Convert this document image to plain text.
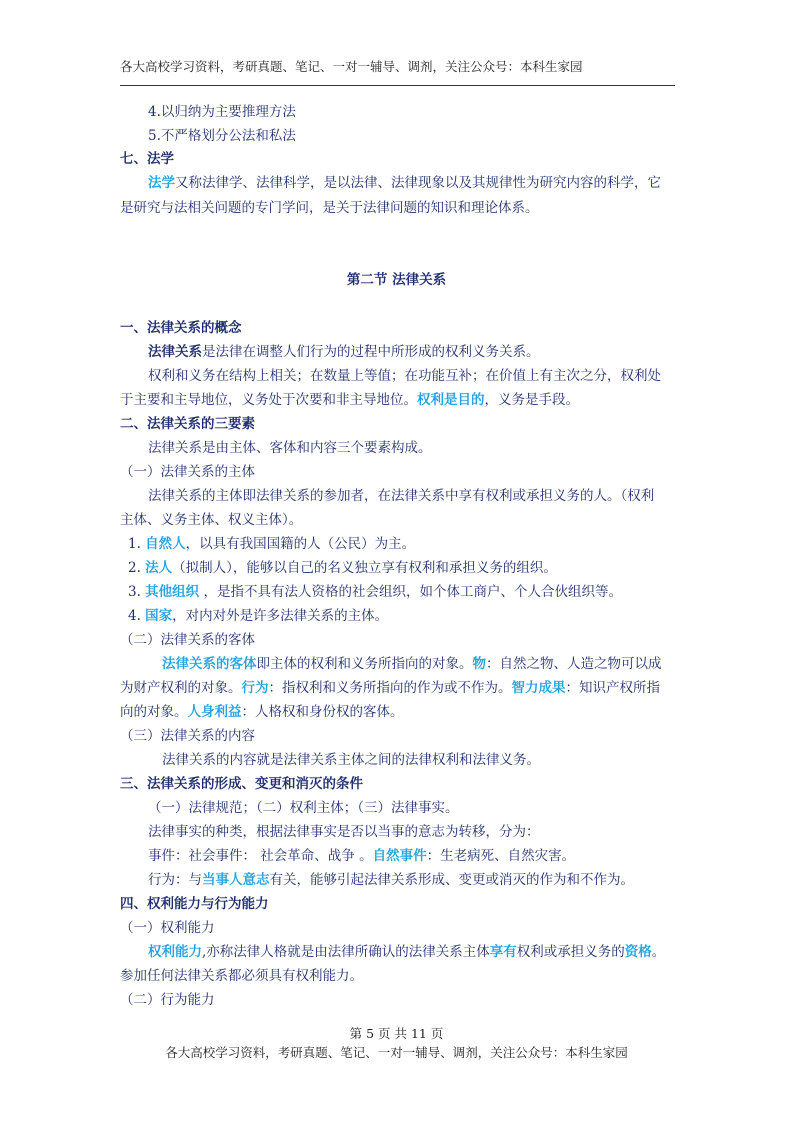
各大高校学习资料，考研真题、笔记、一对一辅导、调剂，关注公众号：本科生家园
4.以归纳为主要推理方法
5.不严格划分公法和私法
七、法学
法学又称法律学、法律科学，是以法律、法律现象以及其规律性为研究内容的科学，它
是研究与法相关问题的专门学问，是关于法律问题的知识和理论体系。
第二节 法律关系
一、法律关系的概念
法律关系是法律在调整人们行为的过程中所形成的权利义务关系。
权利和义务在结构上相关；在数量上等值；在功能互补；在价值上有主次之分，权利处
于主要和主导地位，义务处于次要和非主导地位。权利是目的，义务是手段。
二、法律关系的三要素
法律关系是由主体、客体和内容三个要素构成。
（一）法律关系的主体
法律关系的主体即法律关系的参加者，在法律关系中享有权利或承担义务的人。（权利
主体、义务主体、权义主体）。
1. 自然人，以具有我国国籍的人（公民）为主。
2. 法人（拟制人），能够以自己的名义独立享有权利和承担义务的组织。
3. 其他组织 ，是指不具有法人资格的社会组织，如个体工商户、个人合伙组织等。
4. 国家，对内对外是许多法律关系的主体。
（二）法律关系的客体
法律关系的客体即主体的权利和义务所指向的对象。物：自然之物、人造之物可以成
为财产权利的对象。行为：指权利和义务所指向的作为或不作为。智力成果：知识产权所指
向的对象。人身利益：人格权和身份权的客体。
（三）法律关系的内容
法律关系的内容就是法律关系主体之间的法律权利和法律义务。
三、法律关系的形成、变更和消灭的条件
（一）法律规范；（二）权利主体；（三）法律事实。
法律事实的种类，根据法律事实是否以当事的意志为转移，分为：
事件：社会事件： 社会革命、战争 。自然事件：生老病死、自然灾害。
行为：与当事人意志有关，能够引起法律关系形成、变更或消灭的作为和不作为。
四、权利能力与行为能力
（一）权利能力
权利能力,亦称法律人格就是由法律所确认的法律关系主体享有权利或承担义务的资格。
参加任何法律关系都必须具有权利能力。
（二）行为能力
第 5 页 共 11 页
各大高校学习资料，考研真题、笔记、一对一辅导、调剂，关注公众号：本科生家园
